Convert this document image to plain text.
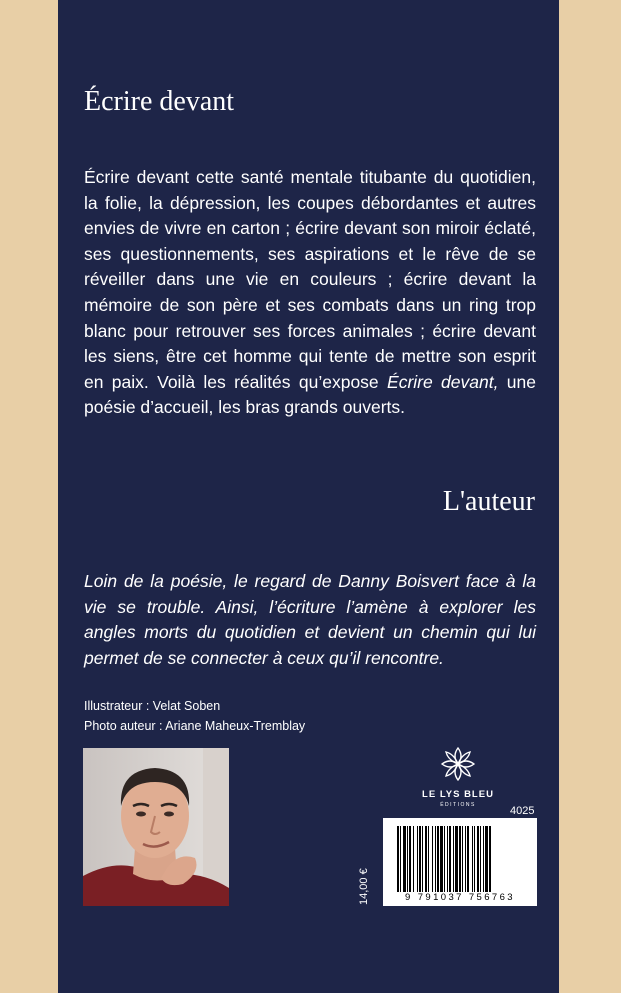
Écrire devant

Écrire devant cette santé mentale titubante du quotidien, la folie, la dépression, les coupes débordantes et autres envies de vivre en carton ; écrire devant son miroir éclaté, ses questionnements, ses aspirations et le rêve de se réveiller dans une vie en couleurs ; écrire devant la mémoire de son père et ses combats dans un ring trop blanc pour retrouver ses forces animales ; écrire devant les siens, être cet homme qui tente de mettre son esprit en paix. Voilà les réalités qu’expose Écrire devant, une poésie d’accueil, les bras grands ouverts.

L'auteur

Loin de la poésie, le regard de Danny Boisvert face à la vie se trouble. Ainsi, l’écriture l’amène à explorer les angles morts du quotidien et devient un chemin qui lui permet de se connecter à ceux qu’il rencontre.

Illustrateur : Velat Soben

Photo auteur : Ariane Maheux-Tremblay

LE LYS BLEU
ÉDITIONS	4025
14,00 €	9 791037 756763
